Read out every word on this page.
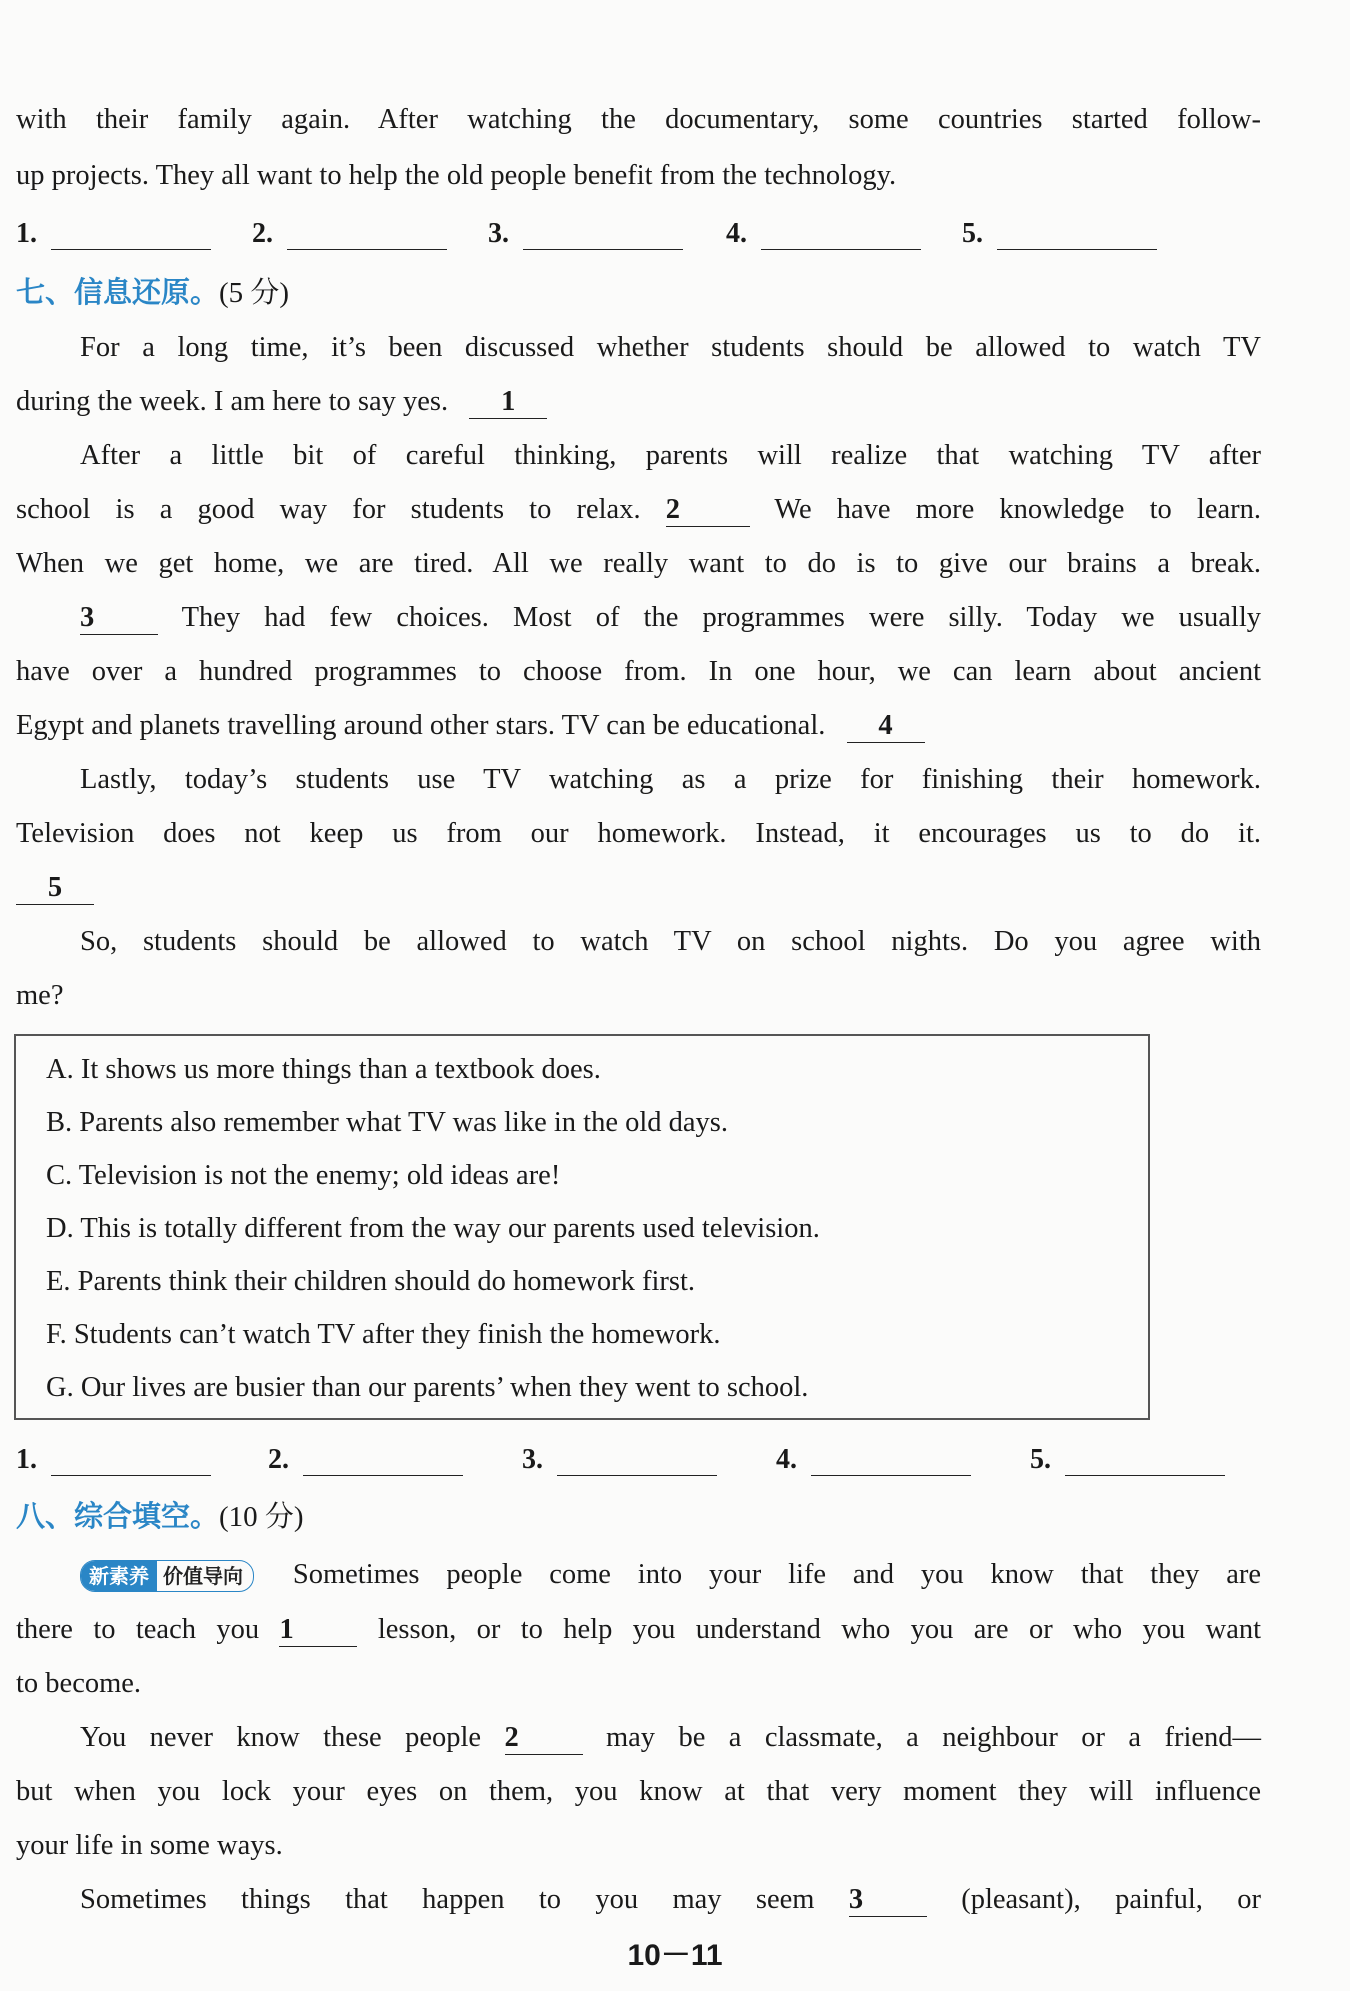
with their family again. After watching the documentary, some countries started follow-
up projects. They all want to help the old people benefit from the technology.
1.	2.	3.	4.	5.
七、信息还原。(5 分)
For a long time, it’s been discussed whether students should be allowed to watch TV
during the week. I am here to say yes. 1
After a little bit of careful thinking, parents will realize that watching TV after
school is a good way for students to relax. 2	We have more knowledge to learn.
When we get home, we are tired. All we really want to do is to give our brains a break.
3	They had few choices. Most of the programmes were silly. Today we usually
have over a hundred programmes to choose from. In one hour, we can learn about ancient
Egypt and planets travelling around other stars. TV can be educational. 4
Lastly, today’s students use TV watching as a prize for finishing their homework.
Television does not keep us from our homework. Instead, it encourages us to do it.
5
So, students should be allowed to watch TV on school nights. Do you agree with
me?
A. It shows us more things than a textbook does.
B. Parents also remember what TV was like in the old days.
C. Television is not the enemy; old ideas are!
D. This is totally different from the way our parents used television.
E. Parents think their children should do homework first.
F. Students can’t watch TV after they finish the homework.
G. Our lives are busier than our parents’ when they went to school.
1.	2.	3.	4.	5.
八、综合填空。(10 分)
新素养 价值导向	Sometimes people come into your life and you know that they are
there to teach you 1	lesson, or to help you understand who you are or who you want
to become.
You never know these people 2	may be a classmate, a neighbour or a friend—
but when you lock your eyes on them, you know at that very moment they will influence
your life in some ways.
Sometimes things that happen to you may seem 3	(pleasant), painful, or
10－11
